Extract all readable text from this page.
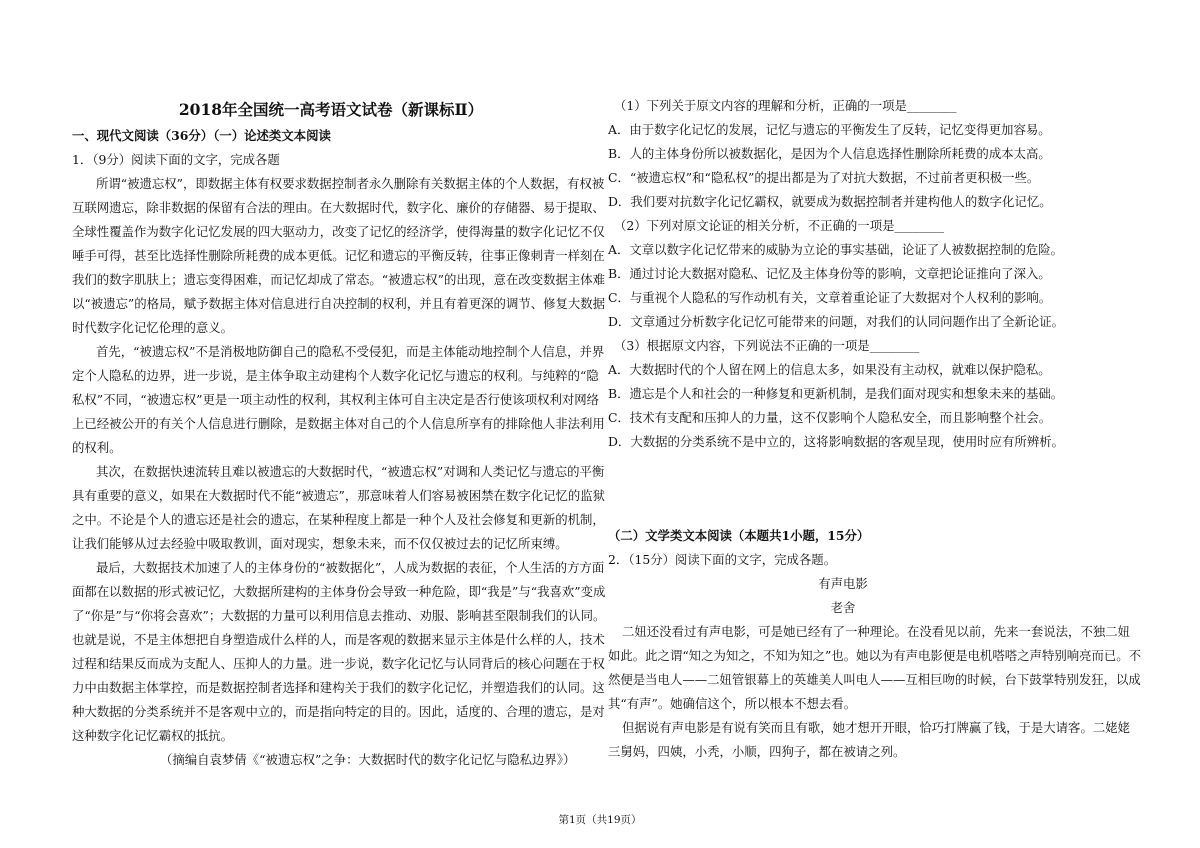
2018年全国统一高考语文试卷（新课标Ⅱ）
一、现代文阅读（36分）（一）论述类文本阅读
1．（9分）阅读下面的文字，完成各题
所谓“被遗忘权”，即数据主体有权要求数据控制者永久删除有关数据主体的个人数据，有权被
互联网遗忘，除非数据的保留有合法的理由。在大数据时代，数字化、廉价的存储器、易于提取、
全球性覆盖作为数字化记忆发展的四大驱动力，改变了记忆的经济学，使得海量的数字化记忆不仅
唾手可得，甚至比选择性删除所耗费的成本更低。记忆和遗忘的平衡反转，往事正像刺青一样刻在
我们的数字肌肤上；遗忘变得困难，而记忆却成了常态。“被遗忘权”的出现，意在改变数据主体难
以“被遗忘”的格局，赋予数据主体对信息进行自决控制的权利，并且有着更深的调节、修复大数据
时代数字化记忆伦理的意义。
首先，“被遗忘权”不是消极地防御自己的隐私不受侵犯，而是主体能动地控制个人信息，并界
定个人隐私的边界，进一步说，是主体争取主动建构个人数字化记忆与遗忘的权利。与纯粹的“隐
私权”不同，“被遗忘权”更是一项主动性的权利，其权利主体可自主决定是否行使该项权利对网络
上已经被公开的有关个人信息进行删除，是数据主体对自己的个人信息所享有的排除他人非法利用
的权利。
其次，在数据快速流转且难以被遗忘的大数据时代，“被遗忘权”对调和人类记忆与遗忘的平衡
具有重要的意义，如果在大数据时代不能“被遗忘”，那意味着人们容易被困禁在数字化记忆的监狱
之中。不论是个人的遗忘还是社会的遗忘，在某种程度上都是一种个人及社会修复和更新的机制，
让我们能够从过去经验中吸取教训，面对现实，想象未来，而不仅仅被过去的记忆所束缚。
最后，大数据技术加速了人的主体身份的“被数据化”，人成为数据的表征，个人生活的方方面
面都在以数据的形式被记忆，大数据所建构的主体身份会导致一种危险，即“我是”与“我喜欢”变成
了“你是”与“你将会喜欢”；大数据的力量可以利用信息去推动、劝服、影响甚至限制我们的认同。
也就是说，不是主体想把自身塑造成什么样的人，而是客观的数据来显示主体是什么样的人，技术
过程和结果反而成为支配人、压抑人的力量。进一步说，数字化记忆与认同背后的核心问题在于权
力中由数据主体掌控，而是数据控制者选择和建构关于我们的数字化记忆，并塑造我们的认同。这
种大数据的分类系统并不是客观中立的，而是指向特定的目的。因此，适度的、合理的遗忘，是对
这种数字化记忆霸权的抵抗。
（摘编自袁梦倩《“被遗忘权”之争：大数据时代的数字化记忆与隐私边界》）
（1）下列关于原文内容的理解和分析，正确的一项是________
A．由于数字化记忆的发展，记忆与遗忘的平衡发生了反转，记忆变得更加容易。
B．人的主体身份所以被数据化，是因为个人信息选择性删除所耗费的成本太高。
C．“被遗忘权”和“隐私权”的提出都是为了对抗大数据，不过前者更积极一些。
D．我们要对抗数字化记忆霸权，就要成为数据控制者并建构他人的数字化记忆。
（2）下列对原文论证的相关分析，不正确的一项是________
A．文章以数字化记忆带来的威胁为立论的事实基础，论证了人被数据控制的危险。
B．通过讨论大数据对隐私、记忆及主体身份等的影响，文章把论证推向了深入。
C．与重视个人隐私的写作动机有关，文章着重论证了大数据对个人权利的影响。
D．文章通过分析数字化记忆可能带来的问题，对我们的认同问题作出了全新论证。
（3）根据原文内容，下列说法不正确的一项是________
A．大数据时代的个人留在网上的信息太多，如果没有主动权，就难以保护隐私。
B．遗忘是个人和社会的一种修复和更新机制，是我们面对现实和想象未来的基础。
C．技术有支配和压抑人的力量，这不仅影响个人隐私安全，而且影响整个社会。
D．大数据的分类系统不是中立的，这将影响数据的客观呈现，使用时应有所辨析。
（二）文学类文本阅读（本题共1小题，15分）
2．（15分）阅读下面的文字，完成各题。
有声电影
老舍
二妞还没看过有声电影，可是她已经有了一种理论。在没看见以前，先来一套说法，不独二妞
如此。此之谓“知之为知之，不知为知之”也。她以为有声电影便是电机嗒嗒之声特别响亮而已。不
然便是当电人——二妞管银幕上的英雄美人叫电人——互相巨吻的时候，台下鼓掌特别发狂，以成
其“有声”。她确信这个，所以根本不想去看。
但据说有声电影是有说有笑而且有歌，她才想开开眼，恰巧打牌赢了钱，于是大请客。二姥姥
三舅妈，四姨，小秃，小顺，四狗子，都在被请之列。
第1页（共19页）
